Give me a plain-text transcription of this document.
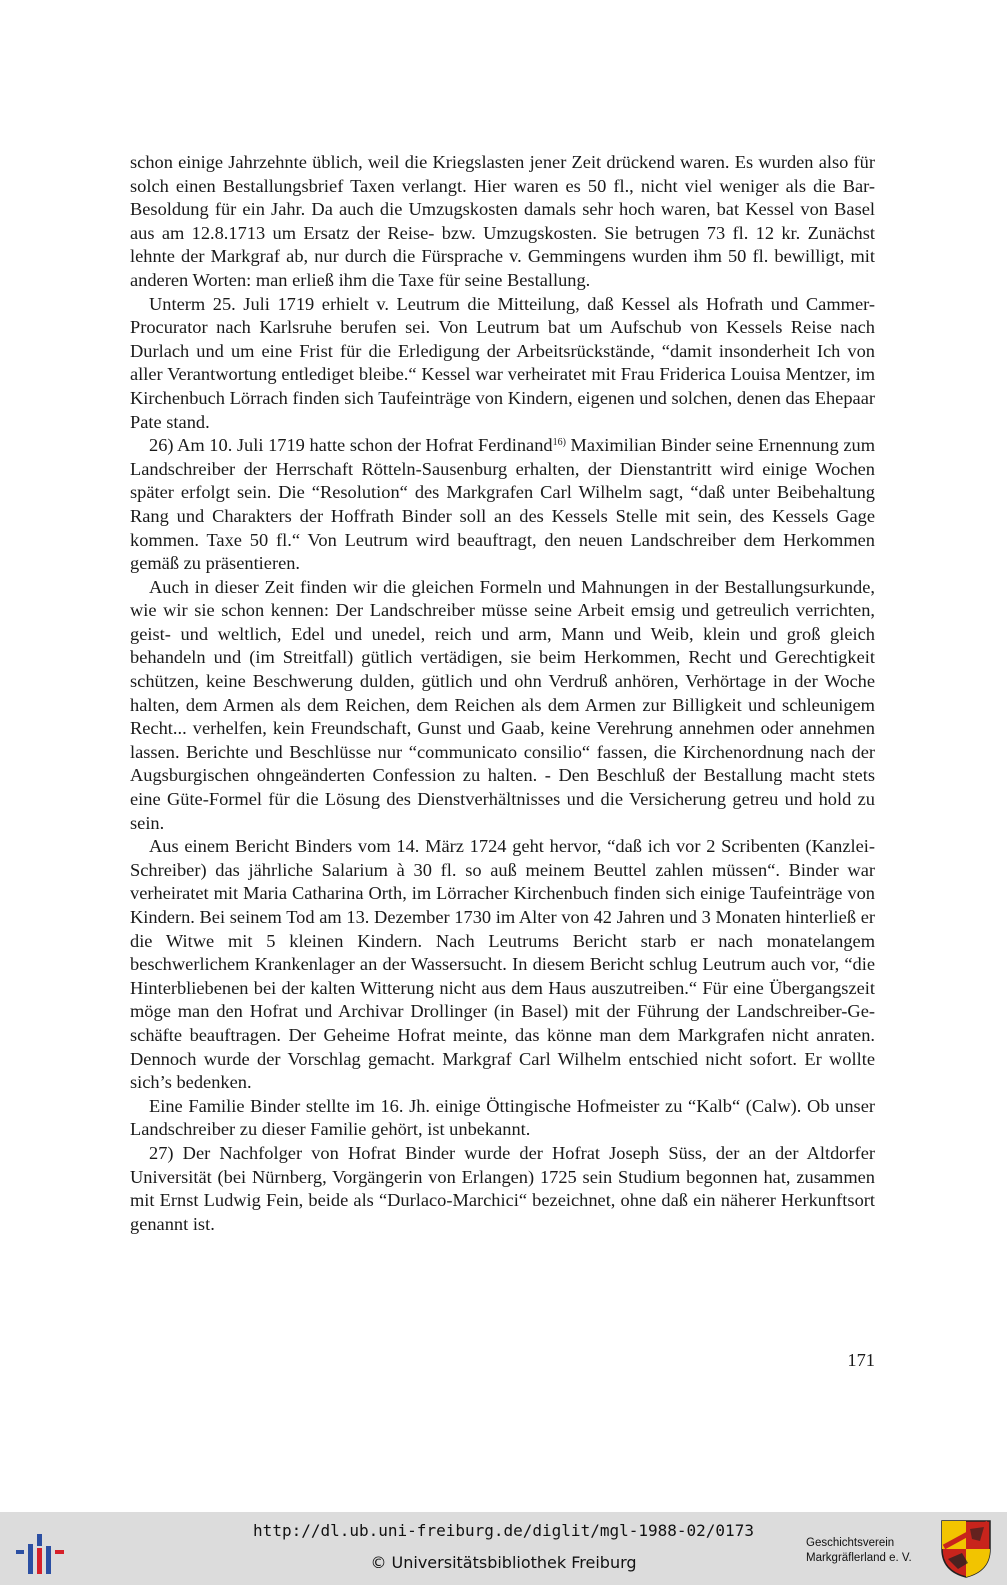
schon einige Jahrzehnte üblich, weil die Kriegslasten jener Zeit drückend waren. Es wurden also für solch einen Bestallungsbrief Taxen verlangt. Hier waren es 50 fl., nicht viel weniger als die Bar-Besoldung für ein Jahr. Da auch die Umzugskosten damals sehr hoch waren, bat Kessel von Basel aus am 12.8.1713 um Ersatz der Reise- bzw. Umzugskosten. Sie betrugen 73 fl. 12 kr. Zunächst lehnte der Markgraf ab, nur durch die Fürsprache v. Gemmingens wurden ihm 50 fl. bewilligt, mit anderen Worten: man erließ ihm die Taxe für seine Bestallung.

Unterm 25. Juli 1719 erhielt v. Leutrum die Mitteilung, daß Kessel als Hofrath und Cammer-Procurator nach Karlsruhe berufen sei. Von Leutrum bat um Aufschub von Kessels Reise nach Durlach und um eine Frist für die Erledigung der Arbeitsrückstände, “damit insonderheit Ich von aller Verantwortung entlediget bleibe.“ Kessel war verheiratet mit Frau Friderica Louisa Mentzer, im Kirchenbuch Lörrach finden sich Taufeinträge von Kindern, eigenen und solchen, denen das Ehepaar Pate stand.

26) Am 10. Juli 1719 hatte schon der Hofrat Ferdinand$^{16)}$ Maximilian Binder seine Ernennung zum Landschreiber der Herrschaft Rötteln-Sausenburg erhalten, der Dienstantritt wird einige Wochen später erfolgt sein. Die “Resolution“ des Markgrafen Carl Wilhelm sagt, “daß unter Beibehaltung Rang und Charakters der Hoffrath Binder soll an des Kessels Stelle mit sein, des Kessels Gage kommen. Taxe 50 fl.“ Von Leutrum wird beauftragt, den neuen Landschreiber dem Herkommen gemäß zu präsentieren.

Auch in dieser Zeit finden wir die gleichen Formeln und Mahnungen in der Bestallungsurkunde, wie wir sie schon kennen: Der Landschreiber müsse seine Arbeit emsig und getreulich verrichten, geist- und weltlich, Edel und unedel, reich und arm, Mann und Weib, klein und groß gleich behandeln und (im Streitfall) gütlich vertädigen, sie beim Herkommen, Recht und Gerechtigkeit schützen, keine Beschwerung dulden, gütlich und ohn Verdruß anhören, Verhörtage in der Woche halten, dem Armen als dem Reichen, dem Reichen als dem Armen zur Billigkeit und schleunigem Recht... verhelfen, kein Freundschaft, Gunst und Gaab, keine Verehrung annehmen oder annehmen lassen. Berichte und Beschlüsse nur “communicato consilio“ fassen, die Kirchenordnung nach der Augsburgischen ohngeänderten Confession zu halten. - Den Beschluß der Bestallung macht stets eine Güte-Formel für die Lösung des Dienstverhältnisses und die Versicherung getreu und hold zu sein.

Aus einem Bericht Binders vom 14. März 1724 geht hervor, “daß ich vor 2 Scribenten (Kanzlei-Schreiber) das jährliche Salarium à 30 fl. so auß meinem Beuttel zahlen müssen“. Binder war verheiratet mit Maria Catharina Orth, im Lörracher Kirchenbuch finden sich einige Taufeinträge von Kindern. Bei seinem Tod am 13. Dezember 1730 im Alter von 42 Jahren und 3 Monaten hinterließ er die Witwe mit 5 kleinen Kindern. Nach Leutrums Bericht starb er nach monatelangem beschwerlichem Krankenlager an der Wassersucht. In diesem Bericht schlug Leutrum auch vor, “die Hinterbliebenen bei der kalten Witterung nicht aus dem Haus auszutreiben.“ Für eine Übergangszeit möge man den Hofrat und Archivar Drollinger (in Basel) mit der Führung der Landschreiber-Geschäfte beauftragen. Der Geheime Hofrat meinte, das könne man dem Markgrafen nicht anraten. Dennoch wurde der Vorschlag gemacht. Markgraf Carl Wilhelm entschied nicht sofort. Er wollte sich’s bedenken.

Eine Familie Binder stellte im 16. Jh. einige Öttingische Hofmeister zu “Kalb“ (Calw). Ob unser Landschreiber zu dieser Familie gehört, ist unbekannt.

27) Der Nachfolger von Hofrat Binder wurde der Hofrat Joseph Süss, der an der Altdorfer Universität (bei Nürnberg, Vorgängerin von Erlangen) 1725 sein Studium begonnen hat, zusammen mit Ernst Ludwig Fein, beide als “Durlaco-Marchici“ bezeichnet, ohne daß ein näherer Herkunftsort genannt ist.

171
http://dl.ub.uni-freiburg.de/diglit/mgl-1988-02/0173
© Universitätsbibliothek Freiburg
Geschichtsverein
Markgräflerland e. V.
